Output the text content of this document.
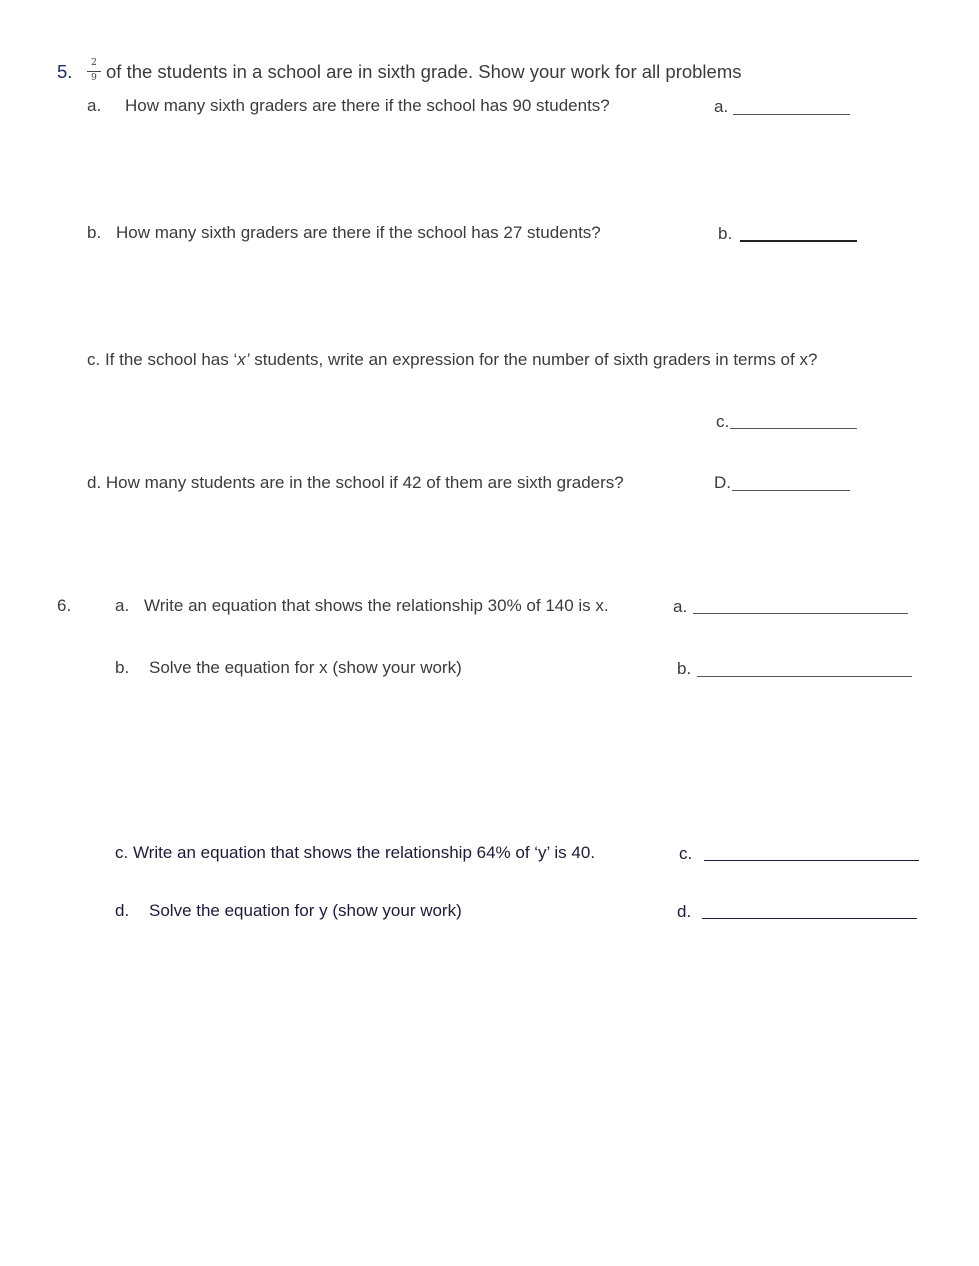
5.	2
9 of the students in a school are in sixth grade. Show your work for all problems
a. How many sixth graders are there if the school has 90 students?	a.
b. How many sixth graders are there if the school has 27 students?	b.
c. If the school has ‘x’ students, write an expression for the number of sixth graders in terms of x?
c.
d. How many students are in the school if 42 of them are sixth graders?	D.
6.	a. Write an equation that shows the relationship 30% of 140 is x.	a.
b. Solve the equation for x (show your work)	b.
c. Write an equation that shows the relationship 64% of ‘y’ is 40.	c.
d. Solve the equation for y (show your work)	d.
